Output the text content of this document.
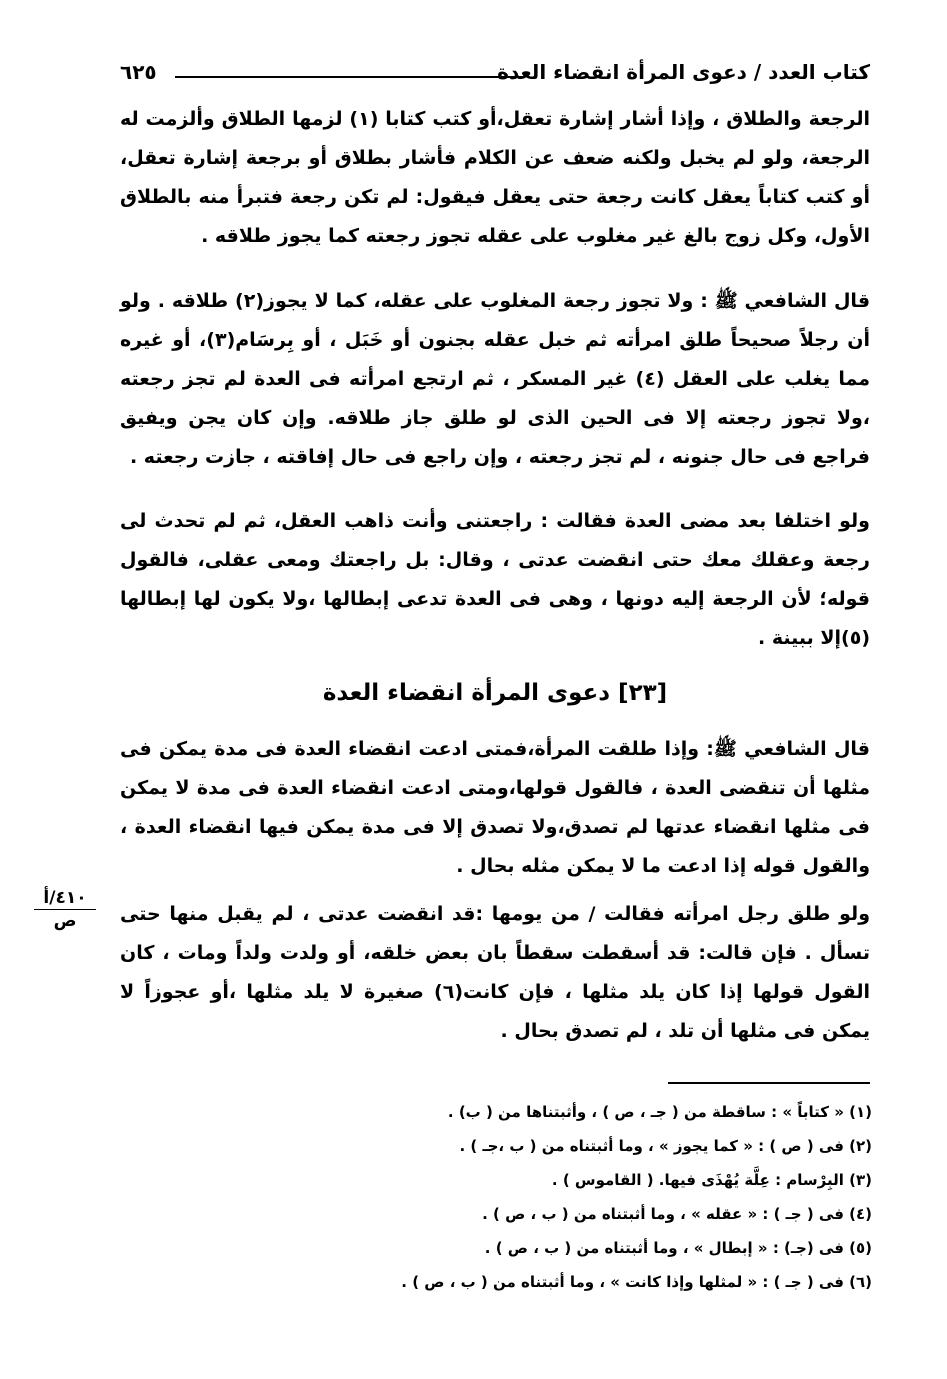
كتاب العدد / دعوى المرأة انقضاء العدة
٦٢٥

الرجعة والطلاق ، وإذا أشار إشارة تعقل،أو كتب كتابا (١) لزمها الطلاق وألزمت له الرجعة، ولو لم يخبل ولكنه ضعف عن الكلام فأشار بطلاق أو برجعة إشارة تعقل، أو كتب كتاباً يعقل كانت رجعة حتى يعقل فيقول: لم تكن رجعة فتبرأ منه بالطلاق الأول، وكل زوج بالغ غير مغلوب على عقله تجوز رجعته كما يجوز طلاقه .

قال الشافعي ﷺ : ولا تجوز رجعة المغلوب على عقله، كما لا يجوز(٢) طلاقه . ولو أن رجلاً صحيحاً طلق امرأته ثم خبل عقله بجنون أو خَبَل ، أو بِرسَام(٣)، أو غيره مما يغلب على العقل (٤) غير المسكر ، ثم ارتجع امرأته فى العدة لم تجز رجعته ،ولا تجوز رجعته إلا فى الحين الذى لو طلق جاز طلاقه. وإن كان يجن ويفيق فراجع فى حال جنونه ، لم تجز رجعته ، وإن راجع فى حال إفاقته ، جازت رجعته .

ولو اختلفا بعد مضى العدة فقالت : راجعتنى وأنت ذاهب العقل، ثم لم تحدث لى رجعة وعقلك معك حتى انقضت عدتى ، وقال: بل راجعتك ومعى عقلى، فالقول قوله؛ لأن الرجعة إليه دونها ، وهى فى العدة تدعى إبطالها ،ولا يكون لها إبطالها (٥)إلا ببينة .

[٢٣] دعوى المرأة انقضاء العدة

قال الشافعي ﷺ: وإذا طلقت المرأة،فمتى ادعت انقضاء العدة فى مدة يمكن فى مثلها أن تنقضى العدة ، فالقول قولها،ومتى ادعت انقضاء العدة فى مدة لا يمكن فى مثلها انقضاء عدتها لم تصدق،ولا تصدق إلا فى مدة يمكن فيها انقضاء العدة ، والقول قوله إذا ادعت ما لا يمكن مثله بحال .

٤١٠/أ
ص	ولو طلق رجل امرأته فقالت / من يومها :قد انقضت عدتى ، لم يقبل منها حتى تسأل . فإن قالت: قد أسقطت سقطاً بان بعض خلقه، أو ولدت ولداً ومات ، كان القول قولها إذا كان يلد مثلها ، فإن كانت(٦) صغيرة لا يلد مثلها ،أو عجوزاً لا يمكن فى مثلها أن تلد ، لم تصدق بحال .

(١) « كتاباً » : ساقطة من ( جـ ، ص ) ، وأثبتناها من ( ب) .

(٢) فى ( ص ) : « كما يجوز » ، وما أثبتناه من ( ب ،جـ ) .

(٣) البِرْسام : عِلَّة يُهْذَى فيها. ( القاموس ) .

(٤) فى ( جـ ) : « عقله » ، وما أثبتناه من ( ب ، ص ) .

(٥) فى (جـ) : « إبطال » ، وما أثبتناه من ( ب ، ص ) .

(٦) فى ( جـ ) : « لمثلها وإذا كانت » ، وما أثبتناه من ( ب ، ص ) .
